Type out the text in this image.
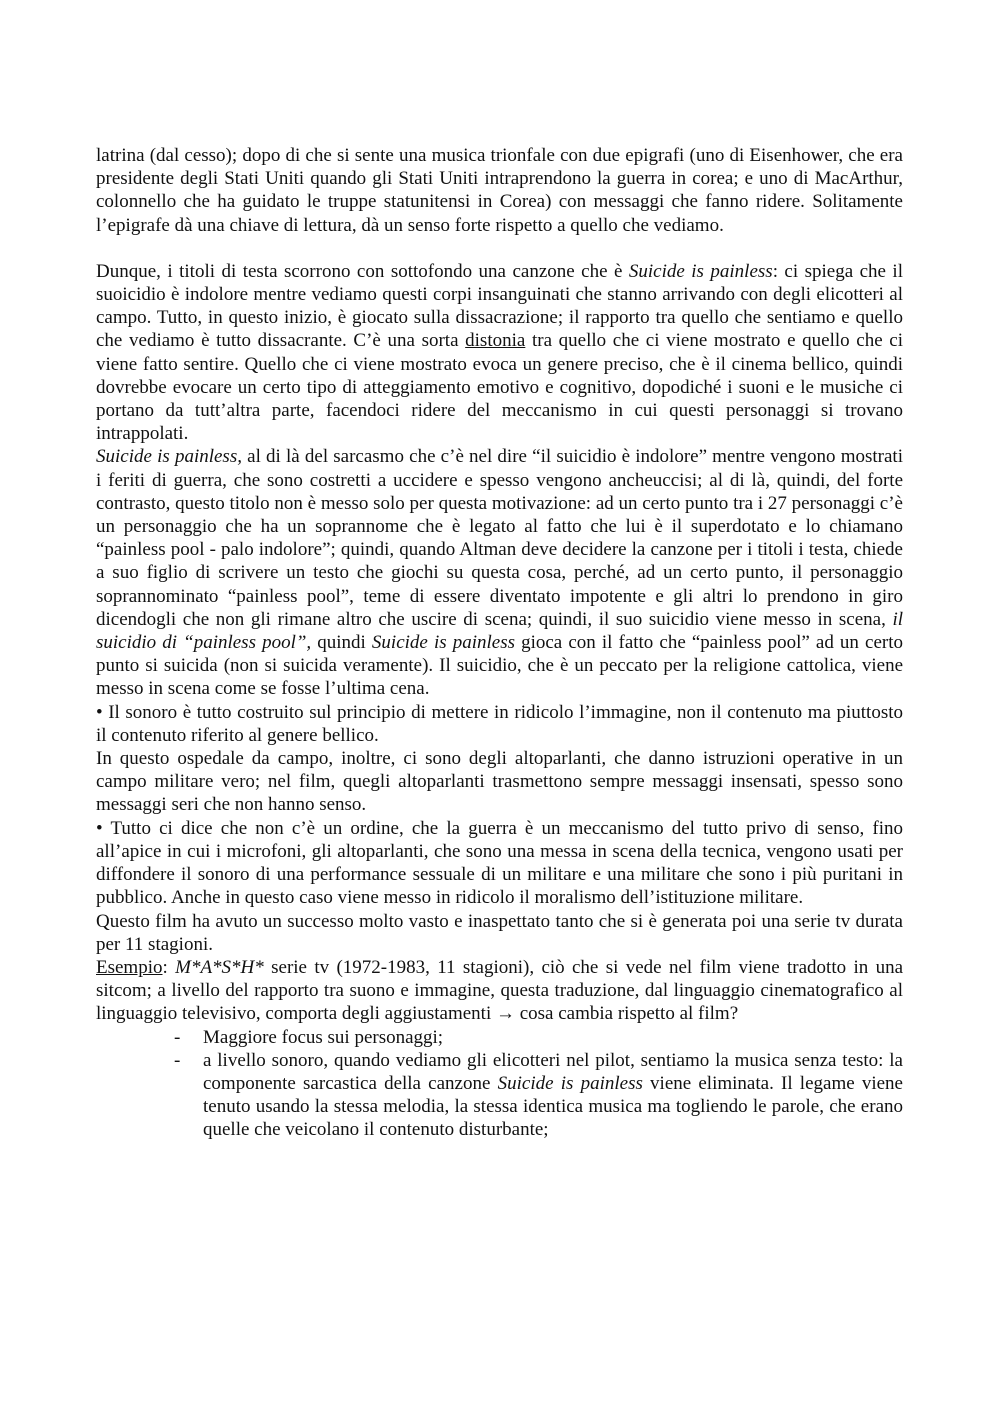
latrina (dal cesso); dopo di che si sente una musica trionfale con due epigrafi (uno di Eisenhower, che era presidente degli Stati Uniti quando gli Stati Uniti intraprendono la guerra in corea; e uno di MacArthur, colonnello che ha guidato le truppe statunitensi in Corea) con messaggi che fanno ridere. Solitamente l’epigrafe dà una chiave di lettura, dà un senso forte rispetto a quello che vediamo.

Dunque, i titoli di testa scorrono con sottofondo una canzone che è Suicide is painless: ci spiega che il suoicidio è indolore mentre vediamo questi corpi insanguinati che stanno arrivando con degli elicotteri al campo. Tutto, in questo inizio, è giocato sulla dissacrazione; il rapporto tra quello che sentiamo e quello che vediamo è tutto dissacrante. C’è una sorta distonia tra quello che ci viene mostrato e quello che ci viene fatto sentire. Quello che ci viene mostrato evoca un genere preciso, che è il cinema bellico, quindi dovrebbe evocare un certo tipo di atteggiamento emotivo e cognitivo, dopodiché i suoni e le musiche ci portano da tutt’altra parte, facendoci ridere del meccanismo in cui questi personaggi si trovano intrappolati.

Suicide is painless, al di là del sarcasmo che c’è nel dire “il suicidio è indolore” mentre vengono mostrati i feriti di guerra, che sono costretti a uccidere e spesso vengono ancheuccisi; al di là, quindi, del forte contrasto, questo titolo non è messo solo per questa motivazione: ad un certo punto tra i 27 personaggi c’è un personaggio che ha un soprannome che è legato al fatto che lui è il superdotato e lo chiamano “painless pool - palo indolore”; quindi, quando Altman deve decidere la canzone per i titoli i testa, chiede a suo figlio di scrivere un testo che giochi su questa cosa, perché, ad un certo punto, il personaggio soprannominato “painless pool”, teme di essere diventato impotente e gli altri lo prendono in giro dicendogli che non gli rimane altro che uscire di scena; quindi, il suo suicidio viene messo in scena, il suicidio di “painless pool”, quindi Suicide is painless gioca con il fatto che “painless pool” ad un certo punto si suicida (non si suicida veramente). Il suicidio, che è un peccato per la religione cattolica, viene messo in scena come se fosse l’ultima cena.

• Il sonoro è tutto costruito sul principio di mettere in ridicolo l’immagine, non il contenuto ma piuttosto il contenuto riferito al genere bellico.

In questo ospedale da campo, inoltre, ci sono degli altoparlanti, che danno istruzioni operative in un campo militare vero; nel film, quegli altoparlanti trasmettono sempre messaggi insensati, spesso sono messaggi seri che non hanno senso.

• Tutto ci dice che non c’è un ordine, che la guerra è un meccanismo del tutto privo di senso, fino all’apice in cui i microfoni, gli altoparlanti, che sono una messa in scena della tecnica, vengono usati per diffondere il sonoro di una performance sessuale di un militare e una militare che sono i più puritani in pubblico. Anche in questo caso viene messo in ridicolo il moralismo dell’istituzione militare.

Questo film ha avuto un successo molto vasto e inaspettato tanto che si è generata poi una serie tv durata per 11 stagioni.

Esempio: M*A*S*H* serie tv (1972-1983, 11 stagioni), ciò che si vede nel film viene tradotto in una sitcom; a livello del rapporto tra suono e immagine, questa traduzione, dal linguaggio cinematografico al linguaggio televisivo, comporta degli aggiustamenti → cosa cambia rispetto al film?

- Maggiore focus sui personaggi;
- a livello sonoro, quando vediamo gli elicotteri nel pilot, sentiamo la musica senza testo: la componente sarcastica della canzone Suicide is painless viene eliminata. Il legame viene tenuto usando la stessa melodia, la stessa identica musica ma togliendo le parole, che erano quelle che veicolano il contenuto disturbante;
